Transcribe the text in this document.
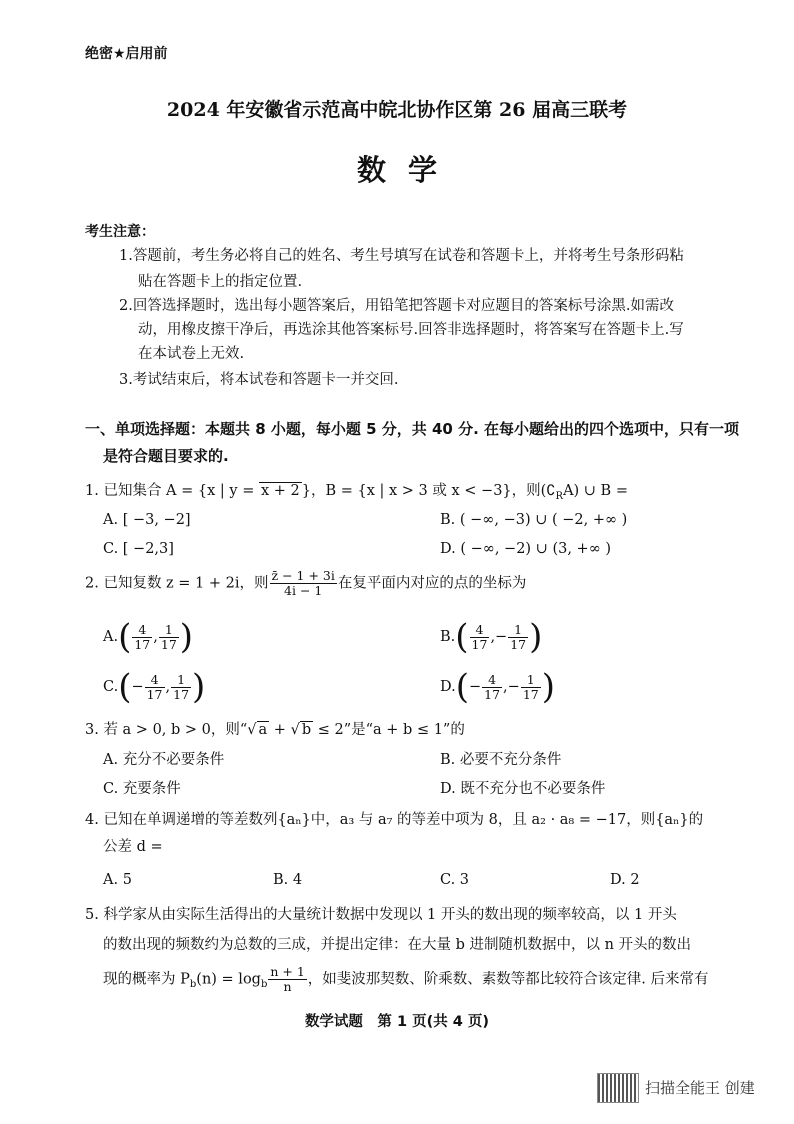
绝密★启用前
2024 年安徽省示范高中皖北协作区第 26 届高三联考
数学
考生注意：
1.答题前，考生务必将自己的姓名、考生号填写在试卷和答题卡上，并将考生号条形码粘
贴在答题卡上的指定位置.
2.回答选择题时，选出每小题答案后，用铅笔把答题卡对应题目的答案标号涂黑.如需改
动，用橡皮擦干净后，再选涂其他答案标号.回答非选择题时，将答案写在答题卡上.写
在本试卷上无效.
3.考试结束后，将本试卷和答题卡一并交回.
一、单项选择题：本题共 8 小题，每小题 5 分，共 40 分. 在每小题给出的四个选项中，只有一项
是符合题目要求的.
1. 已知集合 A = {x | y = x + 2 }，B = {x | x > 3 或 x < −3}，则$(∁_RA)$ ∪ B =
A. [ −3, −2]	B. ( −∞, −3) ∪ ( −2, +∞ )
C. [ −2,3]	D. ( −∞, −2) ∪ (3, +∞ )
2. 已知复数 z = 1 + 2i，则 $\frac{z̄ - 1 + 3i}{4i - 1}$ 在复平面内对应的点的坐标为
$A.( \frac{4}{17}$ , $\frac{1}{17}$ )	$B.( \frac{4}{17}$ ,− $\frac{1}{17}$ )
$C.(- \frac{4}{17}$ , $\frac{1}{17}$ )	$D.(- \frac{4}{17}$ ,− $\frac{1}{17}$ )
3. 若 a > 0, b > 0，则“√ a + √ b ≤ 2”是“a + b ≤ 1”的
A. 充分不必要条件	B. 必要不充分条件
C. 充要条件	D. 既不充分也不必要条件
4. 已知在单调递增的等差数列{aₙ}中，a₃ 与 a₇ 的等差中项为 8，且 a₂ · a₈ = −17，则{aₙ}的
公差 d =
A. 5	B. 4	C. 3	D. 2
5. 科学家从由实际生活得出的大量统计数据中发现以 1 开头的数出现的频率较高，以 1 开头
的数出现的频数约为总数的三成，并提出定律：在大量 b 进制随机数据中，以 n 开头的数出
现的概率为 $P_b(n) = \log_b \frac{n + 1}{n}$ ，如斐波那契数、阶乘数、素数等都比较符合该定律. 后来常有
数学试题　第 1 页(共 4 页)
扫描全能王 创建
